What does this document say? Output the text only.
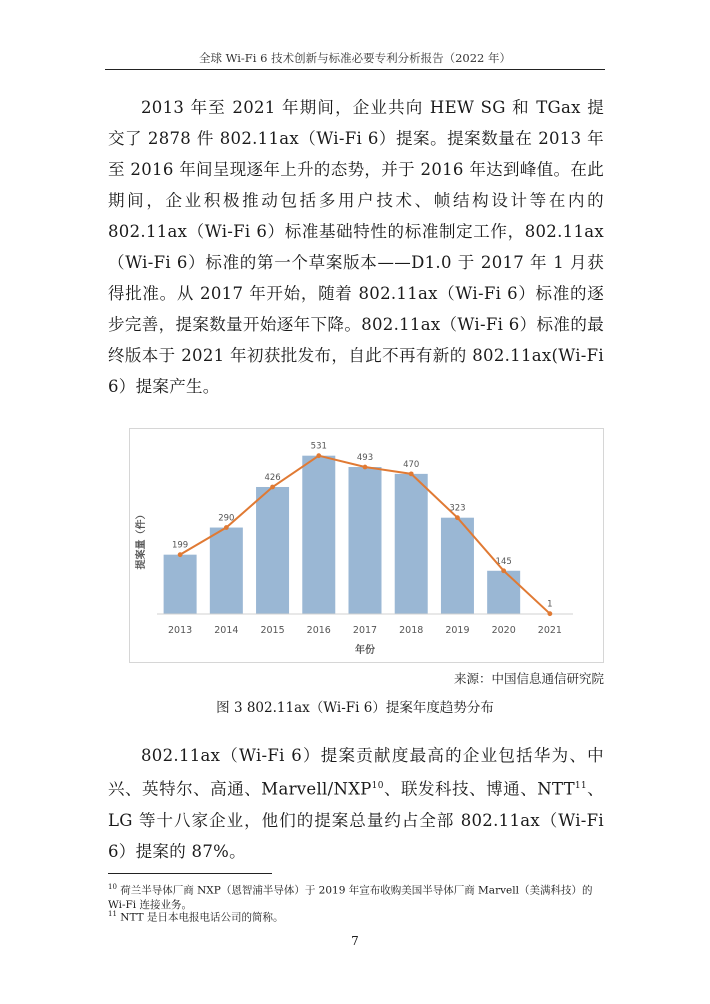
全球 Wi-Fi 6 技术创新与标准必要专利分析报告（2022 年）

2013 年至 2021 年期间，企业共向 HEW SG 和 TGax 提交了 2878 件 802.11ax（Wi-Fi 6）提案。提案数量在 2013 年至 2016 年间呈现逐年上升的态势，并于 2016 年达到峰值。在此期间，企业积极推动包括多用户技术、帧结构设计等在内的 802.11ax（Wi-Fi 6）标准基础特性的标准制定工作，802.11ax（Wi-Fi 6）标准的第一个草案版本——D1.0 于 2017 年 1 月获得批准。从 2017 年开始，随着 802.11ax（Wi-Fi 6）标准的逐步完善，提案数量开始逐年下降。802.11ax（Wi-Fi 6）标准的最终版本于 2021 年初获批发布，自此不再有新的 802.11ax(Wi-Fi 6）提案产生。

199
2013
290
2014
426
2015
531
2016
493
2017
470
2018
323
2019
145
2020
1
2021
年份
提案量（件）
来源：中国信息通信研究院
图 3 802.11ax（Wi-Fi 6）提案年度趋势分布

802.11ax（Wi-Fi 6）提案贡献度最高的企业包括华为、中兴、英特尔、高通、Marvell/NXP$^{10}$、联发科技、博通、NTT$^{11}$、LG 等十八家企业，他们的提案总量约占全部 802.11ax（Wi-Fi 6）提案的 87%。

$^{10}$ 荷兰半导体厂商 NXP（恩智浦半导体）于 2019 年宣布收购美国半导体厂商 Marvell（美满科技）的 Wi-Fi 连接业务。
$^{11}$ NTT 是日本电报电话公司的简称。
7
